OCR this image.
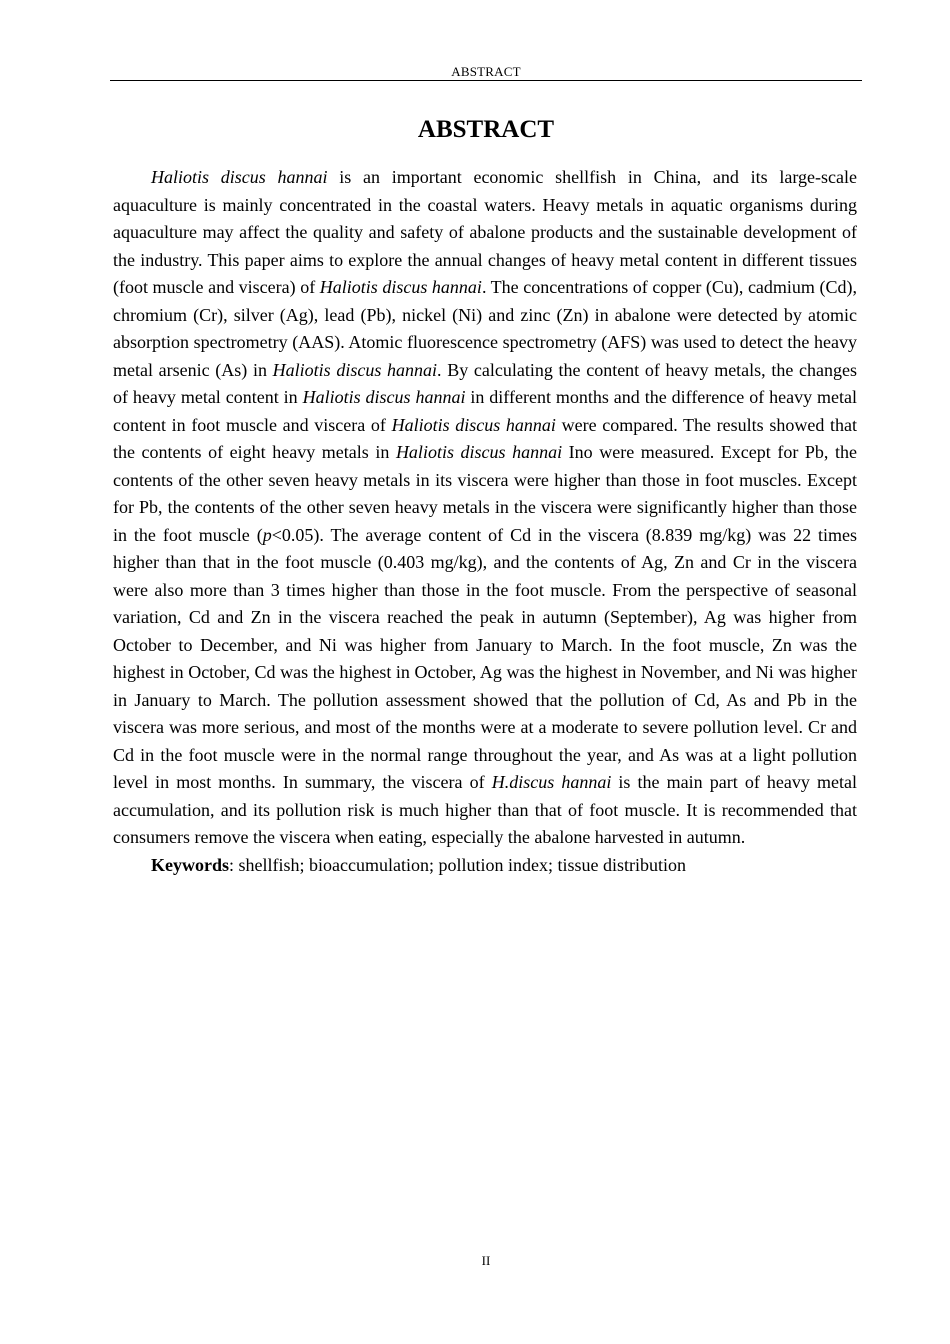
ABSTRACT
ABSTRACT

Haliotis discus hannai is an important economic shellfish in China, and its large-scale aquaculture is mainly concentrated in the coastal waters. Heavy metals in aquatic organisms during aquaculture may affect the quality and safety of abalone products and the sustainable development of the industry. This paper aims to explore the annual changes of heavy metal content in different tissues (foot muscle and viscera) of Haliotis discus hannai. The concentrations of copper (Cu), cadmium (Cd), chromium (Cr), silver (Ag), lead (Pb), nickel (Ni) and zinc (Zn) in abalone were detected by atomic absorption spectrometry (AAS). Atomic fluorescence spectrometry (AFS) was used to detect the heavy metal arsenic (As) in Haliotis discus hannai. By calculating the content of heavy metals, the changes of heavy metal content in Haliotis discus hannai in different months and the difference of heavy metal content in foot muscle and viscera of Haliotis discus hannai were compared. The results showed that the contents of eight heavy metals in Haliotis discus hannai Ino were measured. Except for Pb, the contents of the other seven heavy metals in its viscera were higher than those in foot muscles. Except for Pb, the contents of the other seven heavy metals in the viscera were significantly higher than those in the foot muscle (p<0.05). The average content of Cd in the viscera (8.839 mg/kg) was 22 times higher than that in the foot muscle (0.403 mg/kg), and the contents of Ag, Zn and Cr in the viscera were also more than 3 times higher than those in the foot muscle. From the perspective of seasonal variation, Cd and Zn in the viscera reached the peak in autumn (September), Ag was higher from October to December, and Ni was higher from January to March. In the foot muscle, Zn was the highest in October, Cd was the highest in October, Ag was the highest in November, and Ni was higher in January to March. The pollution assessment showed that the pollution of Cd, As and Pb in the viscera was more serious, and most of the months were at a moderate to severe pollution level. Cr and Cd in the foot muscle were in the normal range throughout the year, and As was at a light pollution level in most months. In summary, the viscera of H.discus hannai is the main part of heavy metal accumulation, and its pollution risk is much higher than that of foot muscle. It is recommended that consumers remove the viscera when eating, especially the abalone harvested in autumn.

Keywords: shellfish; bioaccumulation; pollution index; tissue distribution

II
